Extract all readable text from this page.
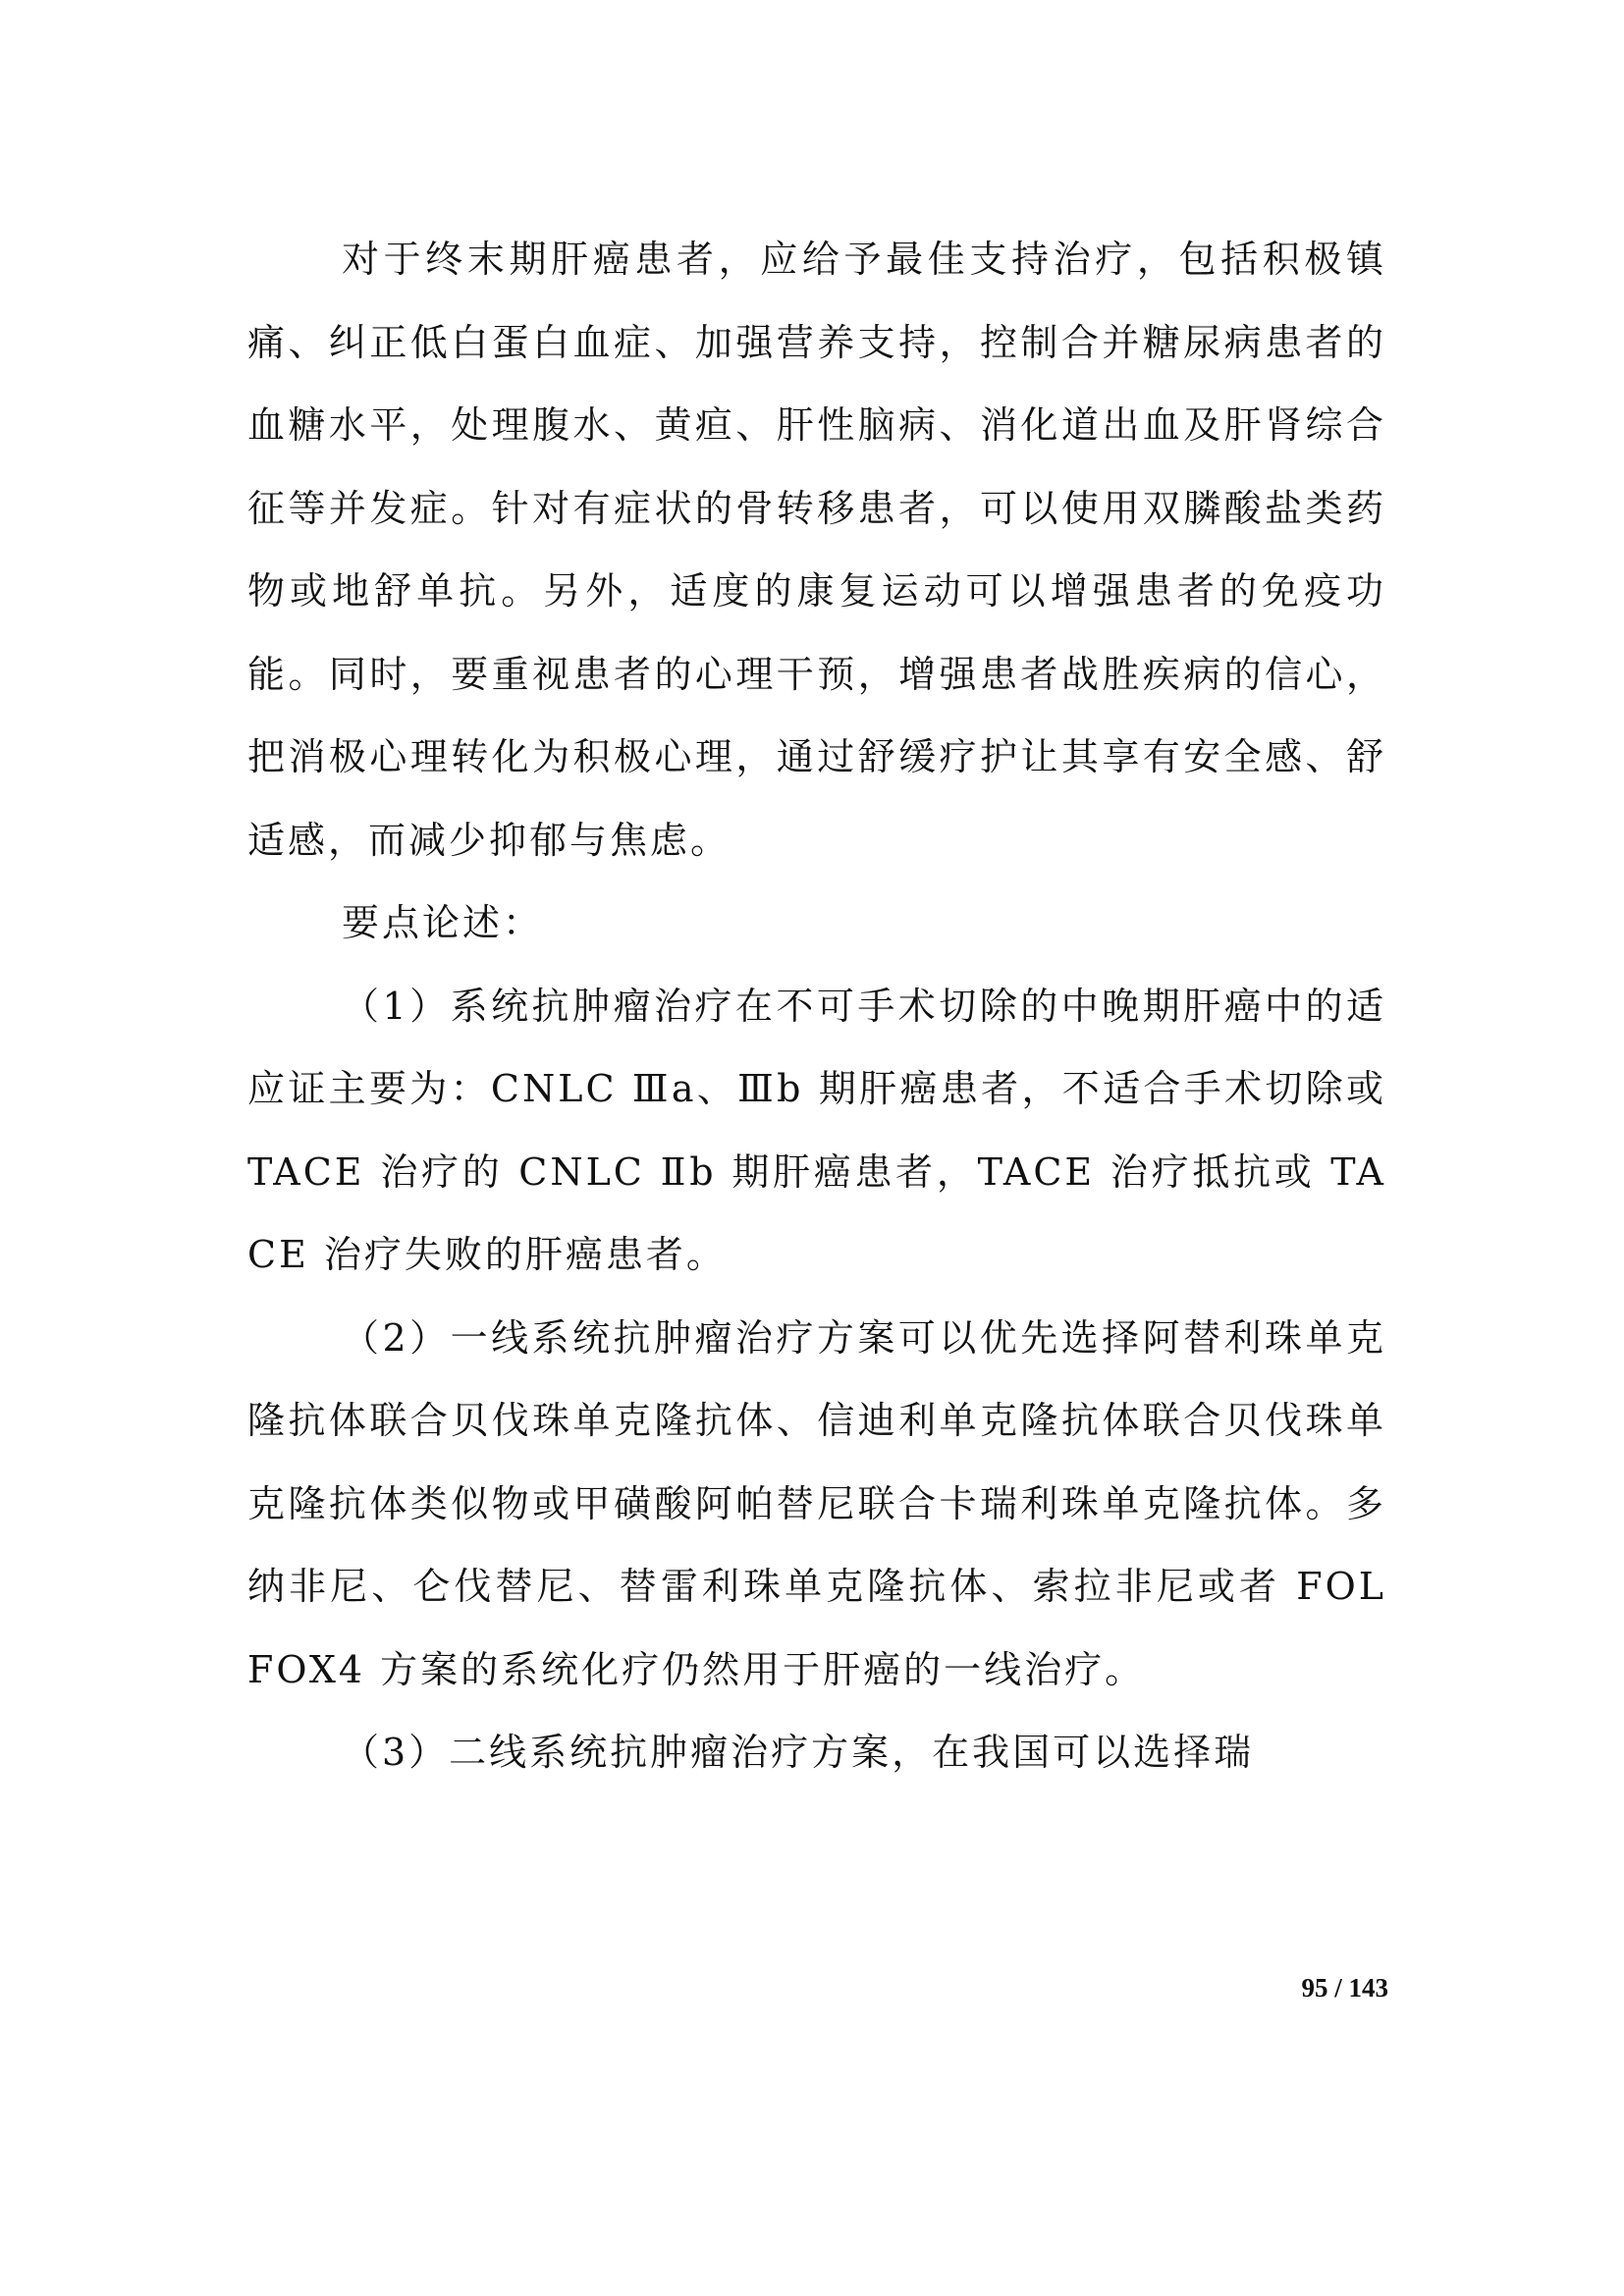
对于终末期肝癌患者，应给予最佳支持治疗，包括积极镇痛、纠正低白蛋白血症、加强营养支持，控制合并糖尿病患者的血糖水平，处理腹水、黄疸、肝性脑病、消化道出血及肝肾综合征等并发症。针对有症状的骨转移患者，可以使用双膦酸盐类药物或地舒单抗。另外，适度的康复运动可以增强患者的免疫功能。同时，要重视患者的心理干预，增强患者战胜疾病的信心，把消极心理转化为积极心理，通过舒缓疗护让其享有安全感、舒适感，而减少抑郁与焦虑。

要点论述：

（1）系统抗肿瘤治疗在不可手术切除的中晚期肝癌中的适应证主要为：CNLC Ⅲa、Ⅲb 期肝癌患者，不适合手术切除或 TACE 治疗的 CNLC Ⅱb 期肝癌患者，TACE 治疗抵抗或 TACE 治疗失败的肝癌患者。

（2）一线系统抗肿瘤治疗方案可以优先选择阿替利珠单克隆抗体联合贝伐珠单克隆抗体、信迪利单克隆抗体联合贝伐珠单克隆抗体类似物或甲磺酸阿帕替尼联合卡瑞利珠单克隆抗体。多纳非尼、仑伐替尼、替雷利珠单克隆抗体、索拉非尼或者 FOLFOX4 方案的系统化疗仍然用于肝癌的一线治疗。

（3）二线系统抗肿瘤治疗方案，在我国可以选择瑞

95 / 143
